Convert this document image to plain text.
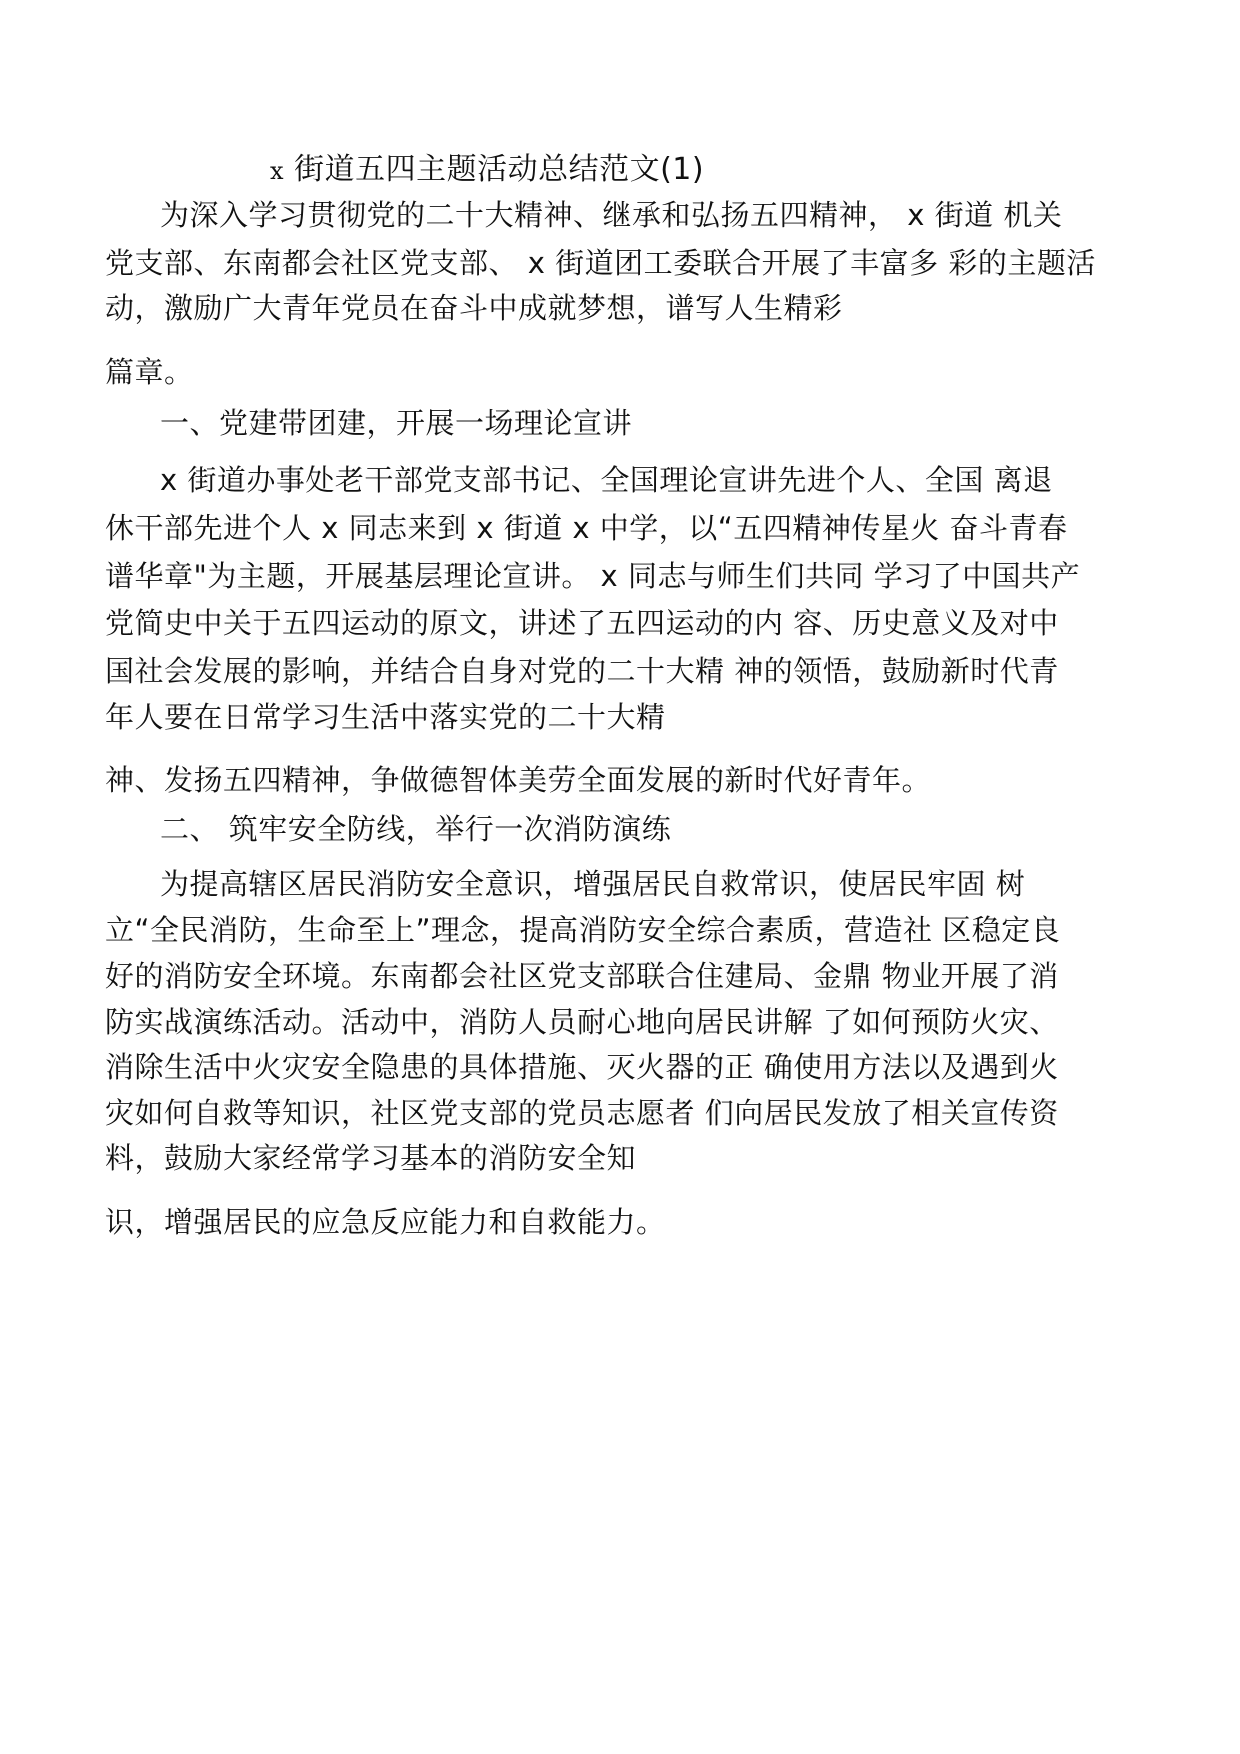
x 街道五四主题活动总结范文(1)

为深入学习贯彻党的二十大精神、继承和弘扬五四精神， x 街道 机关

党支部、东南都会社区党支部、 x 街道团工委联合开展了丰富多 彩的主题活

动，激励广大青年党员在奋斗中成就梦想，谱写人生精彩

篇章。

一、党建带团建，开展一场理论宣讲

x 街道办事处老干部党支部书记、全国理论宣讲先进个人、全国 离退

休干部先进个人 x 同志来到 x 街道 x 中学，以“五四精神传星火 奋斗青春

谱华章"为主题，开展基层理论宣讲。 x 同志与师生们共同 学习了中国共产

党简史中关于五四运动的原文，讲述了五四运动的内 容、历史意义及对中

国社会发展的影响，并结合自身对党的二十大精 神的领悟，鼓励新时代青

年人要在日常学习生活中落实党的二十大精

神、发扬五四精神，争做德智体美劳全面发展的新时代好青年。

二、 筑牢安全防线，举行一次消防演练

为提高辖区居民消防安全意识，增强居民自救常识，使居民牢固 树

立“全民消防，生命至上”理念，提高消防安全综合素质，营造社 区稳定良

好的消防安全环境。东南都会社区党支部联合住建局、金鼎 物业开展了消

防实战演练活动。活动中，消防人员耐心地向居民讲解 了如何预防火灾、

消除生活中火灾安全隐患的具体措施、灭火器的正 确使用方法以及遇到火

灾如何自救等知识，社区党支部的党员志愿者 们向居民发放了相关宣传资

料，鼓励大家经常学习基本的消防安全知

识，增强居民的应急反应能力和自救能力。
